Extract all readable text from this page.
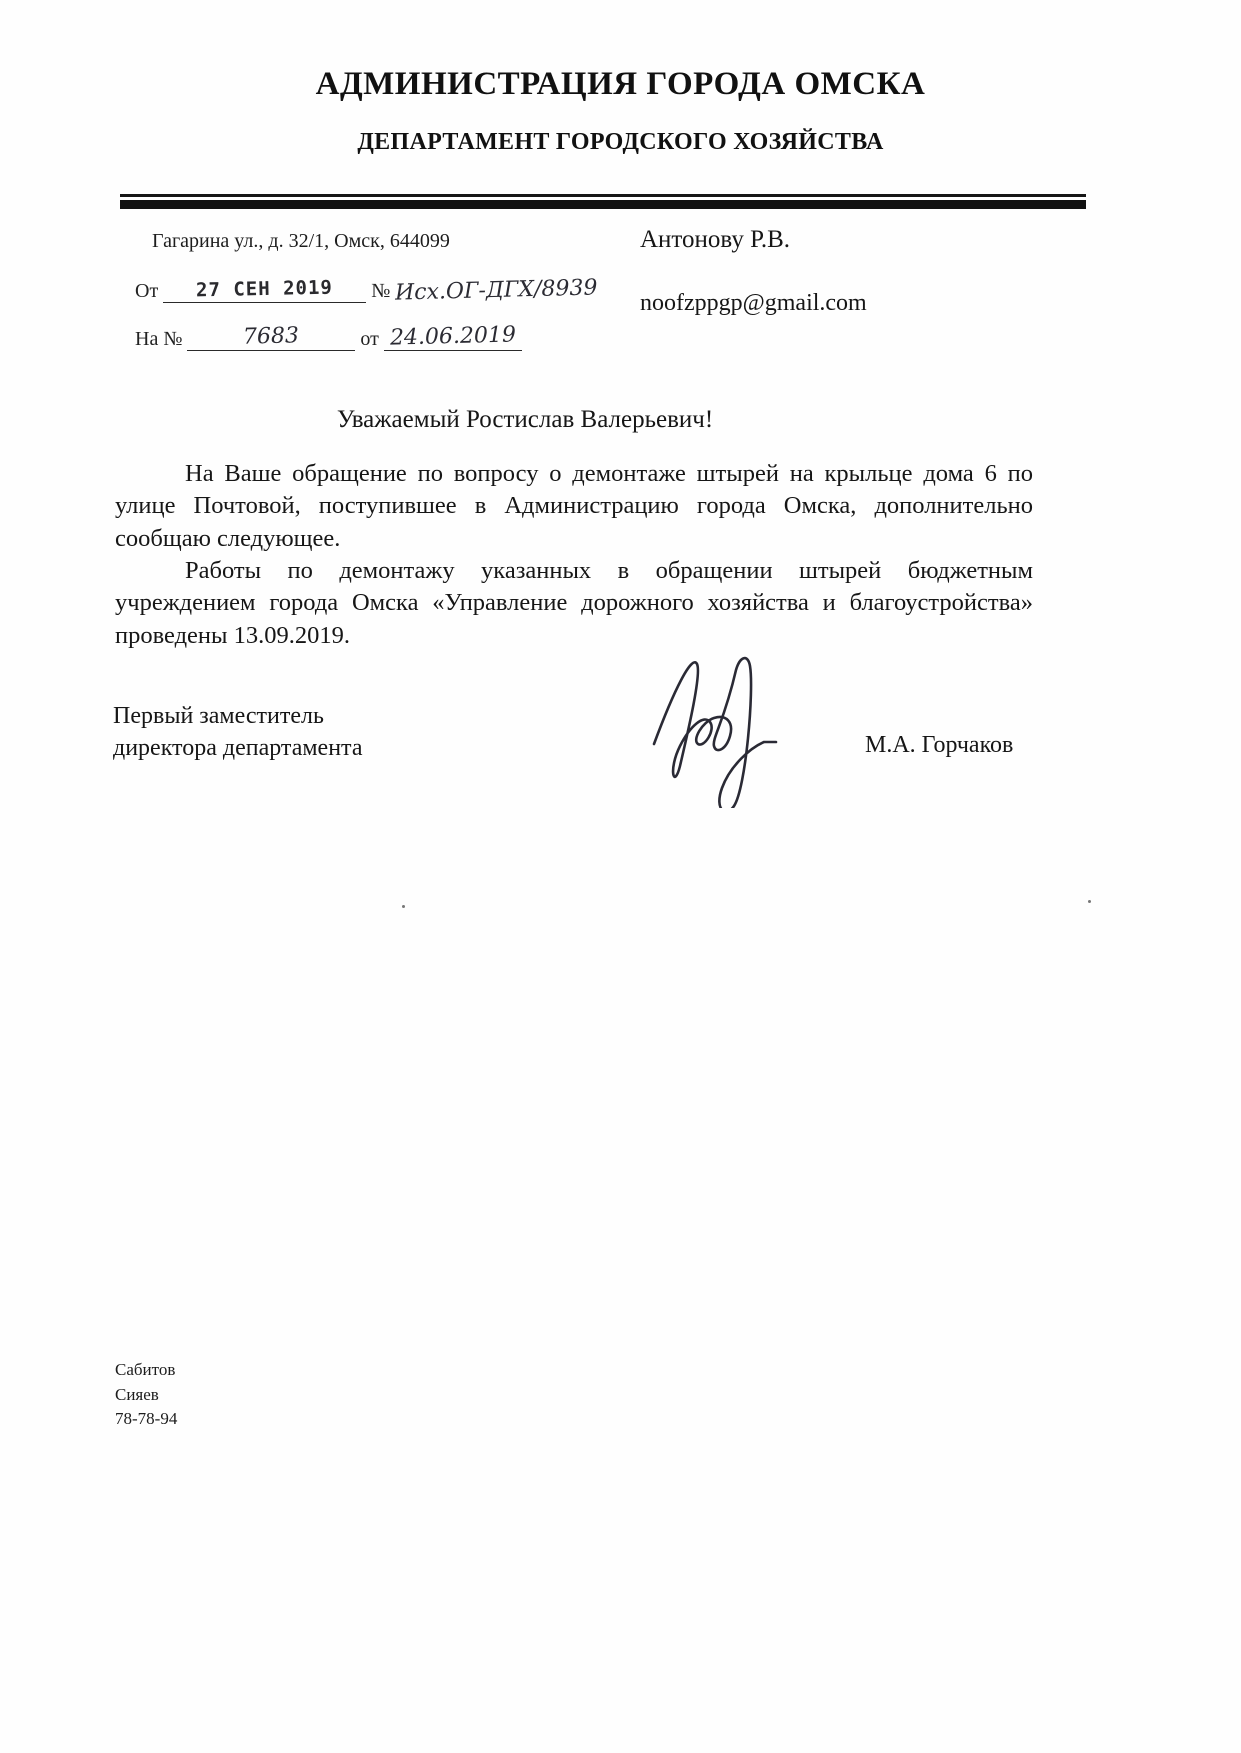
АДМИНИСТРАЦИЯ ГОРОДА ОМСКА
ДЕПАРТАМЕНТ ГОРОДСКОГО ХОЗЯЙСТВА
Гагарина ул., д. 32/1, Омск, 644099	Антонову Р.В.
noofzppgp@gmail.com
От 27 СЕН 2019 № Исх.ОГ-ДГХ/8939
На №	7683	от 24.06.2019
Уважаемый Ростислав Валерьевич!

На Ваше обращение по вопросу о демонтаже штырей на крыльце дома 6 по улице Почтовой, поступившее в Администрацию города Омска, дополнительно сообщаю следующее.

Работы по демонтажу указанных в обращении штырей бюджетным учреждением города Омска «Управление дорожного хозяйства и благоустройства» проведены 13.09.2019.

Первый заместитель
директора департамента	М.А. Горчаков
Сабитов
Сияев
78-78-94
